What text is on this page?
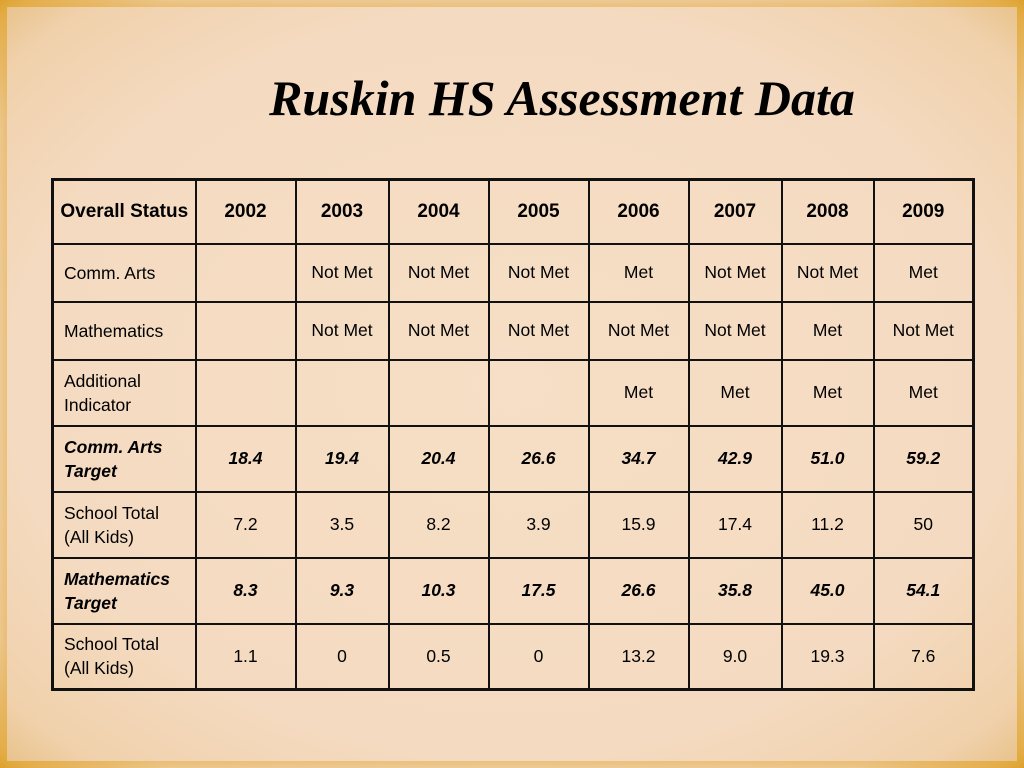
Ruskin HS Assessment Data
Overall Status	2002	2003	2004	2005	2006	2007	2008	2009
Comm. Arts		Not Met	Not Met	Not Met	Met	Not Met	Not Met	Met
Mathematics		Not Met	Not Met	Not Met	Not Met	Not Met	Met	Not Met
Additional Indicator					Met	Met	Met	Met
Comm. Arts Target	18.4	19.4	20.4	26.6	34.7	42.9	51.0	59.2
School Total (All Kids)	7.2	3.5	8.2	3.9	15.9	17.4	11.2	50
Mathematics Target	8.3	9.3	10.3	17.5	26.6	35.8	45.0	54.1
School Total (All Kids)	1.1	0	0.5	0	13.2	9.0	19.3	7.6
